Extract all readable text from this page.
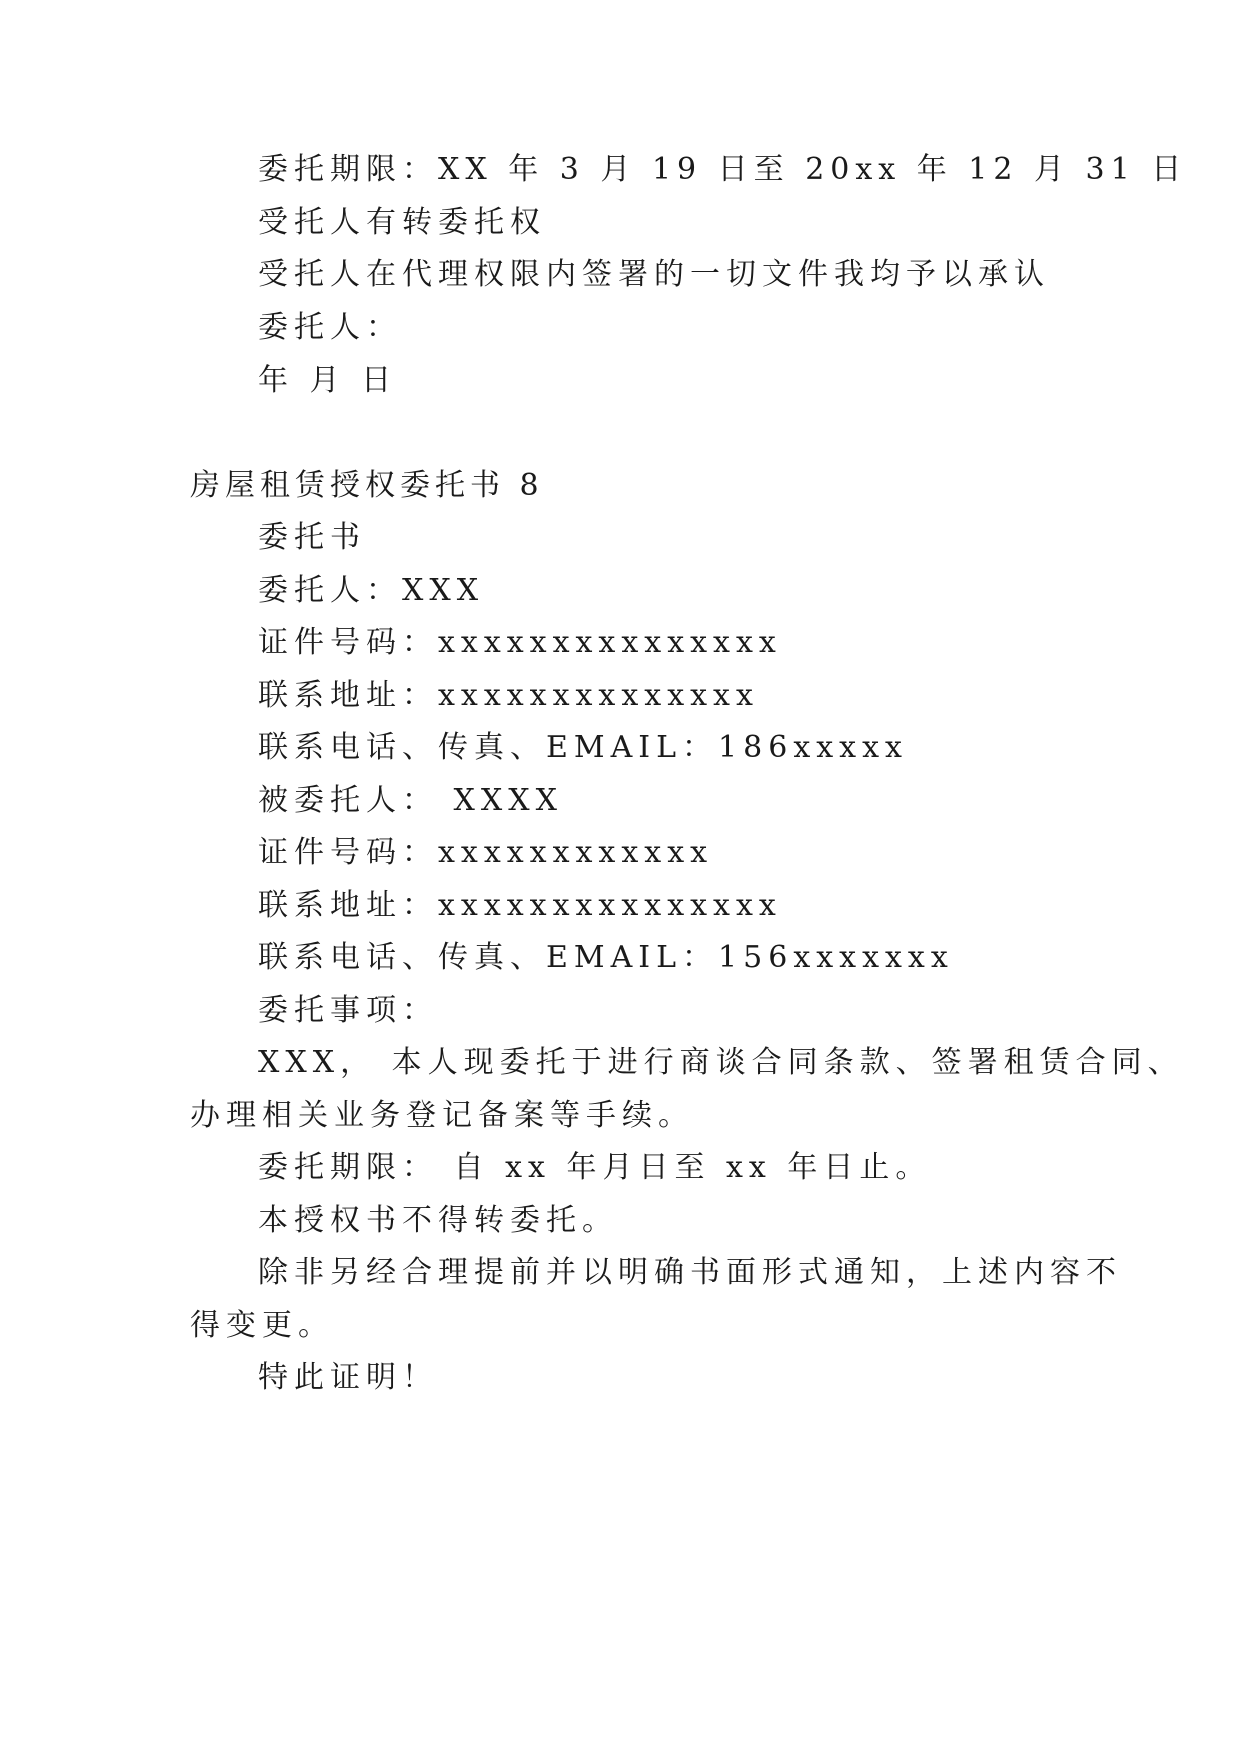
委托期限：XX 年 3 月 19 日至 20xx 年 12 月 31 日
受托人有转委托权
受托人在代理权限内签署的一切文件我均予以承认
委托人：
年 月 日
房屋租赁授权委托书 8
委托书
委托人：XXX
证件号码：xxxxxxxxxxxxxxx
联系地址：xxxxxxxxxxxxxx
联系电话、传真、EMAIL：186xxxxx
被委托人： XXXX
证件号码：xxxxxxxxxxxx
联系地址：xxxxxxxxxxxxxxx
联系电话、传真、EMAIL：156xxxxxxx
委托事项：
XXX， 本人现委托于进行商谈合同条款、签署租赁合同、
办理相关业务登记备案等手续。
委托期限： 自 xx 年月日至 xx 年日止。
本授权书不得转委托。
除非另经合理提前并以明确书面形式通知，上述内容不
得变更。
特此证明！
